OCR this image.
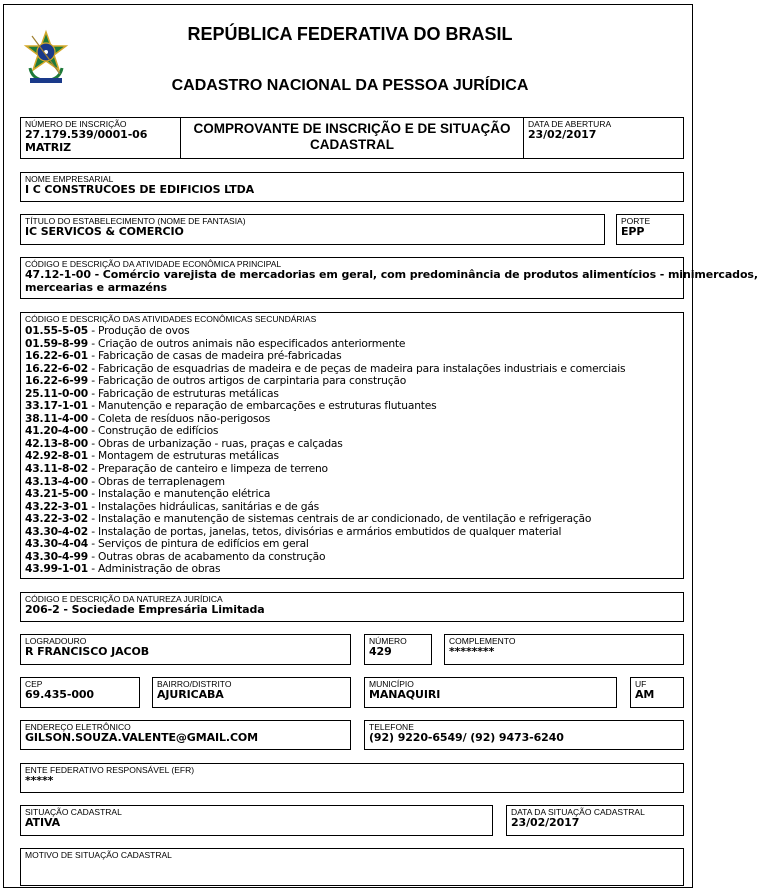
REPÚBLICA FEDERATIVA DO BRASIL
CADASTRO NACIONAL DA PESSOA JURÍDICA
NÚMERO DE INSCRIÇÃO
27.179.539/0001-06
MATRIZ
COMPROVANTE DE INSCRIÇÃO E DE SITUAÇÃO CADASTRAL
DATA DE ABERTURA
23/02/2017
NOME EMPRESARIAL
I C CONSTRUCOES DE EDIFICIOS LTDA
TÍTULO DO ESTABELECIMENTO (NOME DE FANTASIA)
IC SERVICOS & COMERCIO
PORTE
EPP
CÓDIGO E DESCRIÇÃO DA ATIVIDADE ECONÔMICA PRINCIPAL
47.12-1-00 - Comércio varejista de mercadorias em geral, com predominância de produtos alimentícios - minimercados,
mercearias e armazéns
CÓDIGO E DESCRIÇÃO DAS ATIVIDADES ECONÔMICAS SECUNDÁRIAS
01.55-5-05 - Produção de ovos
01.59-8-99 - Criação de outros animais não especificados anteriormente
16.22-6-01 - Fabricação de casas de madeira pré-fabricadas
16.22-6-02 - Fabricação de esquadrias de madeira e de peças de madeira para instalações industriais e comerciais
16.22-6-99 - Fabricação de outros artigos de carpintaria para construção
25.11-0-00 - Fabricação de estruturas metálicas
33.17-1-01 - Manutenção e reparação de embarcações e estruturas flutuantes
38.11-4-00 - Coleta de resíduos não-perigosos
41.20-4-00 - Construção de edifícios
42.13-8-00 - Obras de urbanização - ruas, praças e calçadas
42.92-8-01 - Montagem de estruturas metálicas
43.11-8-02 - Preparação de canteiro e limpeza de terreno
43.13-4-00 - Obras de terraplenagem
43.21-5-00 - Instalação e manutenção elétrica
43.22-3-01 - Instalações hidráulicas, sanitárias e de gás
43.22-3-02 - Instalação e manutenção de sistemas centrais de ar condicionado, de ventilação e refrigeração
43.30-4-02 - Instalação de portas, janelas, tetos, divisórias e armários embutidos de qualquer material
43.30-4-04 - Serviços de pintura de edifícios em geral
43.30-4-99 - Outras obras de acabamento da construção
43.99-1-01 - Administração de obras
CÓDIGO E DESCRIÇÃO DA NATUREZA JURÍDICA
206-2 - Sociedade Empresária Limitada
LOGRADOURO
R FRANCISCO JACOB
NÚMERO
429
COMPLEMENTO
********
CEP
69.435-000
BAIRRO/DISTRITO
AJURICABA
MUNICÍPIO
MANAQUIRI
UF
AM
ENDEREÇO ELETRÔNICO
GILSON.SOUZA.VALENTE@GMAIL.COM
TELEFONE
(92) 9220-6549/ (92) 9473-6240
ENTE FEDERATIVO RESPONSÁVEL (EFR)
*****
SITUAÇÃO CADASTRAL
ATIVA
DATA DA SITUAÇÃO CADASTRAL
23/02/2017
MOTIVO DE SITUAÇÃO CADASTRAL
